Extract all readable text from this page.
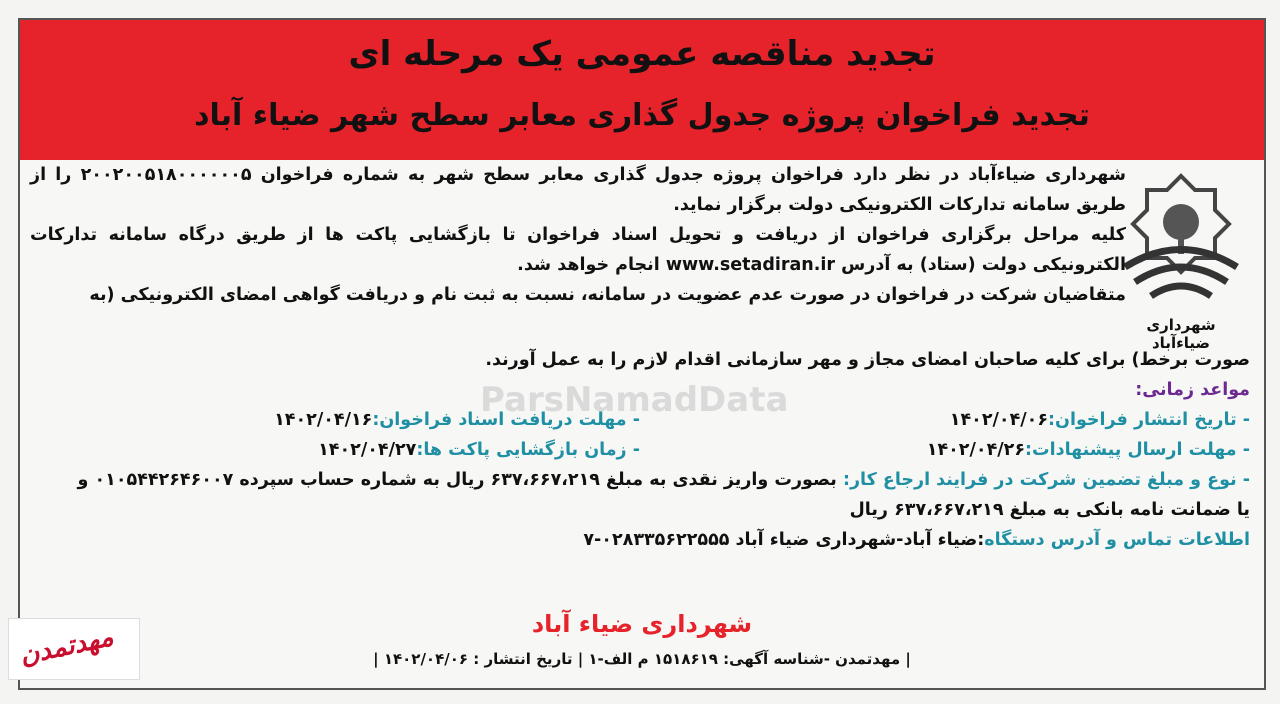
تجدید مناقصه عمومی یک مرحله ای
تجدید فراخوان پروژه جدول گذاری معابر سطح شهر ضیاء آباد
شهرداری ضیاءآباد

شهرداری ضیاءآباد در نظر دارد فراخوان پروژه جدول گذاری معابر سطح شهر به شماره فراخوان ۲۰۰۲۰۰۵۱۸۰۰۰۰۰۰۵ را از طریق سامانه تدارکات الکترونیکی دولت برگزار نماید.

کلیه مراحل برگزاری فراخوان از دریافت و تحویل اسناد فراخوان تا بازگشایی پاکت ها از طریق درگاه سامانه تدارکات الکترونیکی دولت (ستاد) به آدرس www.setadiran.ir انجام خواهد شد.

متقاضیان شرکت در فراخوان در صورت عدم عضویت در سامانه، نسبت به ثبت نام و دریافت گواهی امضای الکترونیکی (به

صورت برخط) برای کلیه صاحبان امضای مجاز و مهر سازمانی اقدام لازم را به عمل آورند.
مواعد زمانی:
- تاریخ انتشار فراخوان:۱۴۰۲/۰۴/۰۶
- مهلت دریافت اسناد فراخوان:۱۴۰۲/۰۴/۱۶
- مهلت ارسال پیشنهادات:۱۴۰۲/۰۴/۲۶
- زمان بازگشایی پاکت ها:۱۴۰۲/۰۴/۲۷
- نوع و مبلغ تضمین شرکت در فرایند ارجاع کار: بصورت واریز نقدی به مبلغ ۶۳۷،۶۶۷،۲۱۹ ریال به شماره حساب سپرده ۰۱۰۵۴۴۲۶۴۶۰۰۷ و
یا ضمانت نامه بانکی به مبلغ ۶۳۷،۶۶۷،۲۱۹ ریال
اطلاعات تماس و آدرس دستگاه:ضیاء آباد-شهرداری ضیاء آباد ۰۲۸۳۳۵۶۲۲۵۵۵-۷
ParsNamadData
شهرداری ضیاء آباد
| مهدتمدن -شناسه آگهی: ۱۵۱۸۶۱۹ م الف-۱ | تاریخ انتشار : ۱۴۰۲/۰۴/۰۶ |
مهدتمدن
